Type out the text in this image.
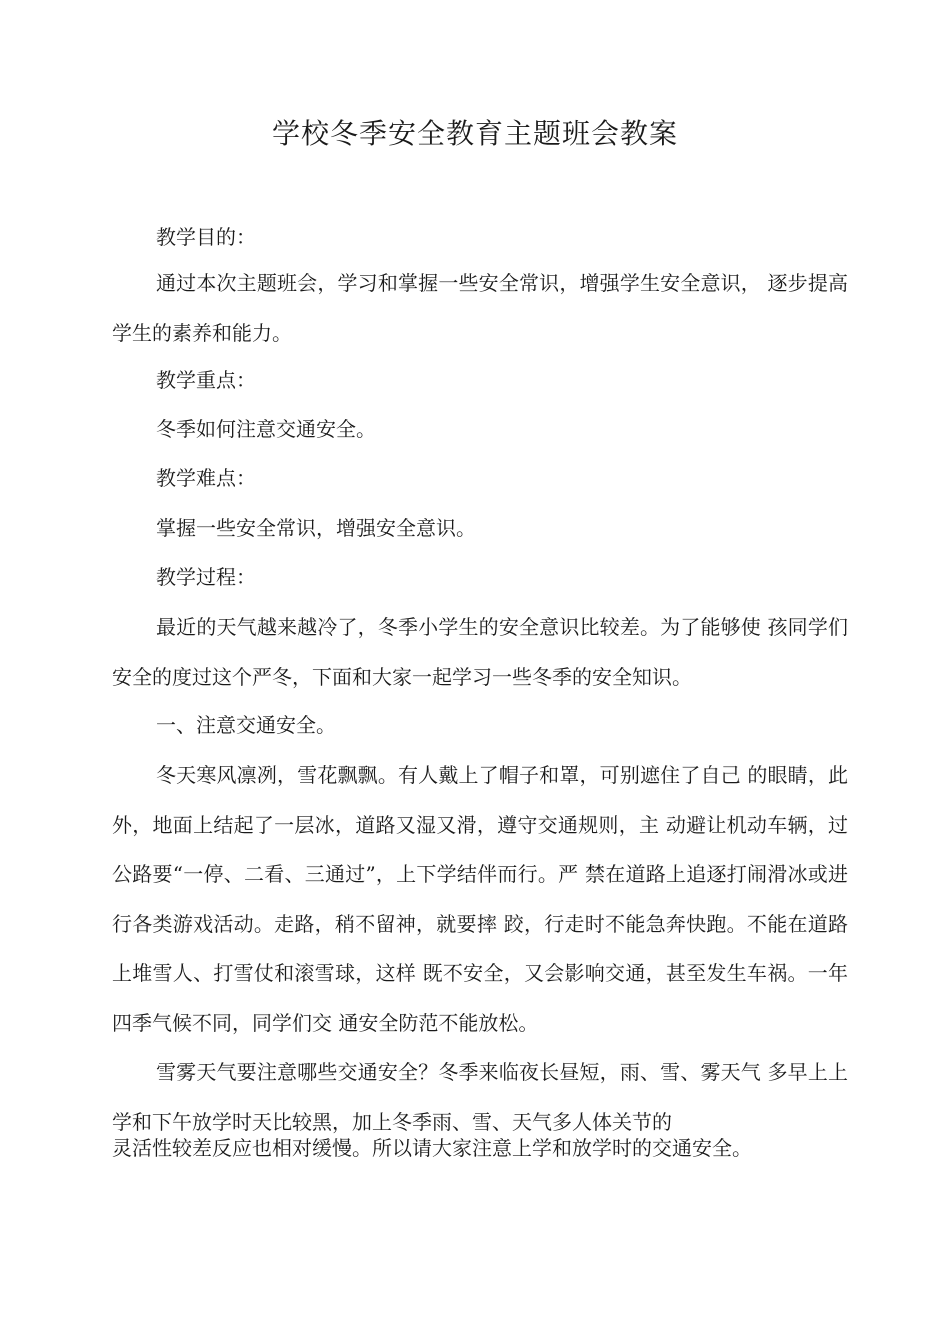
学校冬季安全教育主题班会教案

教学目的：

通过本次主题班会，学习和掌握一些安全常识，增强学生安全意识， 逐步提高学生的素养和能力。

教学重点：

冬季如何注意交通安全。

教学难点：

掌握一些安全常识，增强安全意识。

教学过程：

最近的天气越来越冷了，冬季小学生的安全意识比较差。为了能够使 孩同学们安全的度过这个严冬，下面和大家一起学习一些冬季的安全知识。

一、注意交通安全。

冬天寒风凛冽，雪花飘飘。有人戴上了帽子和罩，可别遮住了自己 的眼睛，此外，地面上结起了一层冰，道路又湿又滑，遵守交通规则，主 动避让机动车辆，过公路要“一停、二看、三通过”，上下学结伴而行。严 禁在道路上追逐打闹滑冰或进行各类游戏活动。走路，稍不留神，就要摔 跤，行走时不能急奔快跑。不能在道路上堆雪人、打雪仗和滚雪球，这样 既不安全，又会影响交通，甚至发生车祸。一年四季气候不同，同学们交 通安全防范不能放松。

雪雾天气要注意哪些交通安全？冬季来临夜长昼短，雨、雪、雾天气 多早上上学和下午放学时天比较黑，加上冬季雨、雪、天气多人体关节的

灵活性较差反应也相对缓慢。所以请大家注意上学和放学时的交通安全。
